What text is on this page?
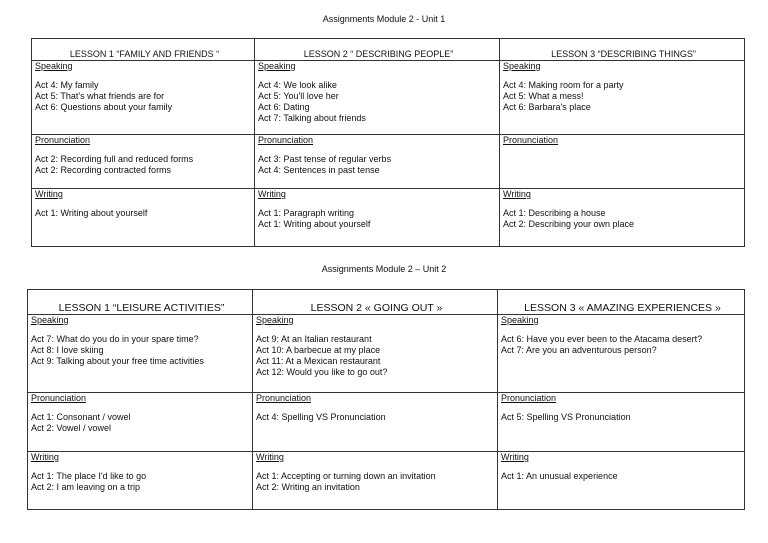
Assignments Module 2 - Unit 1
LESSON 1 “FAMILY AND FRIENDS “	LESSON 2 “ DESCRIBING PEOPLE”	LESSON 3 “DESCRIBING THINGS”

Speaking
Act 4: My family
Act 5: That's what friends are for
Act 6: Questions about your family	Speaking
Act 4: We look alike
Act 5: You'll love her
Act 6: Dating
Act 7: Talking about friends	Speaking
Act 4: Making room for a party
Act 5: What a mess!
Act 6: Barbara's place

Pronunciation
Act 2: Recording full and reduced forms
Act 2: Recording contracted forms	Pronunciation
Act 3: Past tense of regular verbs
Act 4: Sentences in past tense	Pronunciation

Writing
Act 1: Writing about yourself	Writing
Act 1: Paragraph writing
Act 1: Writing about yourself	Writing
Act 1: Describing a house
Act 2: Describing your own place
Assignments Module 2 – Unit 2
LESSON 1 “LEISURE ACTIVITIES”	LESSON 2 « GOING OUT »	LESSON 3 « AMAZING EXPERIENCES »

Speaking
Act 7: What do you do in your spare time?
Act 8: I love skiing
Act 9: Talking about your free time activities	Speaking
Act 9: At an Italian restaurant
Act 10: A barbecue at my place
Act 11: At a Mexican restaurant
Act 12: Would you like to go out?	Speaking
Act 6: Have you ever been to the Atacama desert?
Act 7: Are you an adventurous person?

Pronunciation
Act 1: Consonant / vowel
Act 2: Vowel / vowel	Pronunciation
Act 4: Spelling VS Pronunciation	Pronunciation
Act 5: Spelling VS Pronunciation

Writing
Act 1: The place I'd like to go
Act 2: I am leaving on a trip	Writing
Act 1: Accepting or turning down an invitation
Act 2: Writing an invitation	Writing
Act 1: An unusual experience
